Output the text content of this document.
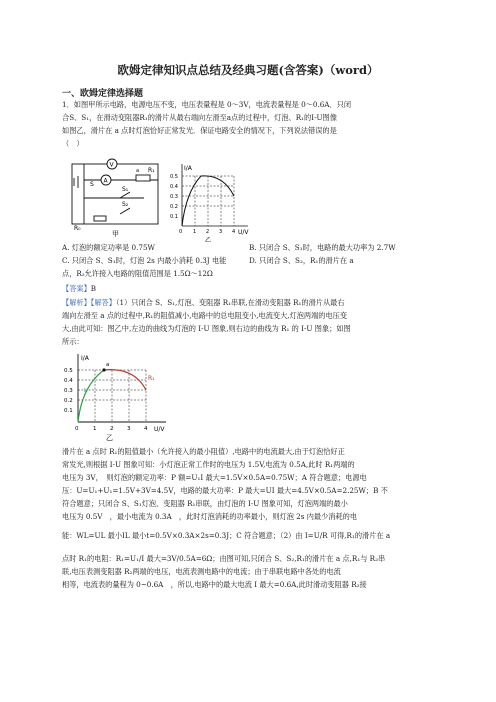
欧姆定律知识点总结及经典习题(含答案)（word）
一、欧姆定律选择题
1．如图甲所示电路，电源电压不变，电压表量程是 0～3V，电流表量程是 0～0.6A．只闭
合S、S₁，在滑动变阻器R₁的滑片从最右端向左滑至a点的过程中，灯泡、R₁的I-U图像
如图乙，滑片在 a 点时灯泡恰好正常发光．保证电路安全的情况下，下列说法错误的是
（　）
V
A
S
S₁
R₁
a
S₂
R₀
甲
I/A
U/V
0.5
0.4
0.3
0.2
0.1
0 1 2 3 4
乙
A. 灯泡的额定功率是 0.75W	B. 只闭合 S、S₁时，电路的最大功率为 2.7W
C. 只闭合 S、S₁时，灯泡 2s 内最小消耗 0.3J 电能	D. 只闭合 S、S₂，R₁的滑片在 a
点，R₂允许接入电路的阻值范围是 1.5Ω～12Ω
【答案】B
【解析】【解答】（1）只闭合 S、S₁,灯泡、变阻器 R₁串联,在滑动变阻器 R₁的滑片从最右
端向左滑至 a 点的过程中,R₁的阻值减小,电路中的总电阻变小,电流变大,灯泡两端的电压变
大,由此可知：图乙中,左边的曲线为灯泡的 I-U 图象,则右边的曲线为 R₁ 的 I-U 图象；如图
所示：
I/A
U/V
0.5
0.4
0.3
0.2
0.1
0	1 2 3 4
a
L
R₁
乙
滑片在 a 点时 R₁的阻值最小（允许接入的最小阻值）,电路中的电流最大,由于灯泡恰好正
常发光,则根据 I-U 图象可知：小灯泡正常工作时的电压为 1.5V,电流为 0.5A,此时 R₁两端的
电压为 3V，　则灯泡的额定功率：P 额=U₁I 最大=1.5V×0.5A=0.75W；A 符合题意；电源电
压：U=U₁+U₁=1.5V+3V=4.5V，电路的最大功率：P 最大=UI 最大=4.5V×0.5A=2.25W；B 不
符合题意；只闭合 S、S₁灯泡、变阻器 R₁串联，由灯泡的 I-U 图象可知，灯泡两端的最小
电压为 0.5V　，最小电流为 0.3A　，此时灯泡消耗的功率最小，则灯泡 2s 内最少消耗的电
能：WL=UL 最小IL 最小t=0.5V×0.3A×2s=0.3J；C 符合题意；（2）由 I=U/R 可得,R₁的滑片在 a
点时 R₁的电阻：R₁=U₁/I 最大=3V/0.5A=6Ω；由图可知,只闭合 S、S₂,R₁的滑片在 a 点,R₁与 R₂串
联,电压表测变阻器 R₂两端的电压，电流表测电路中的电流；由于串联电路中各处的电流
相等，电流表的量程为 0~0.6A　，所以,电路中的最大电流 I 最大=0.6A,此时滑动变阻器 R₂接
